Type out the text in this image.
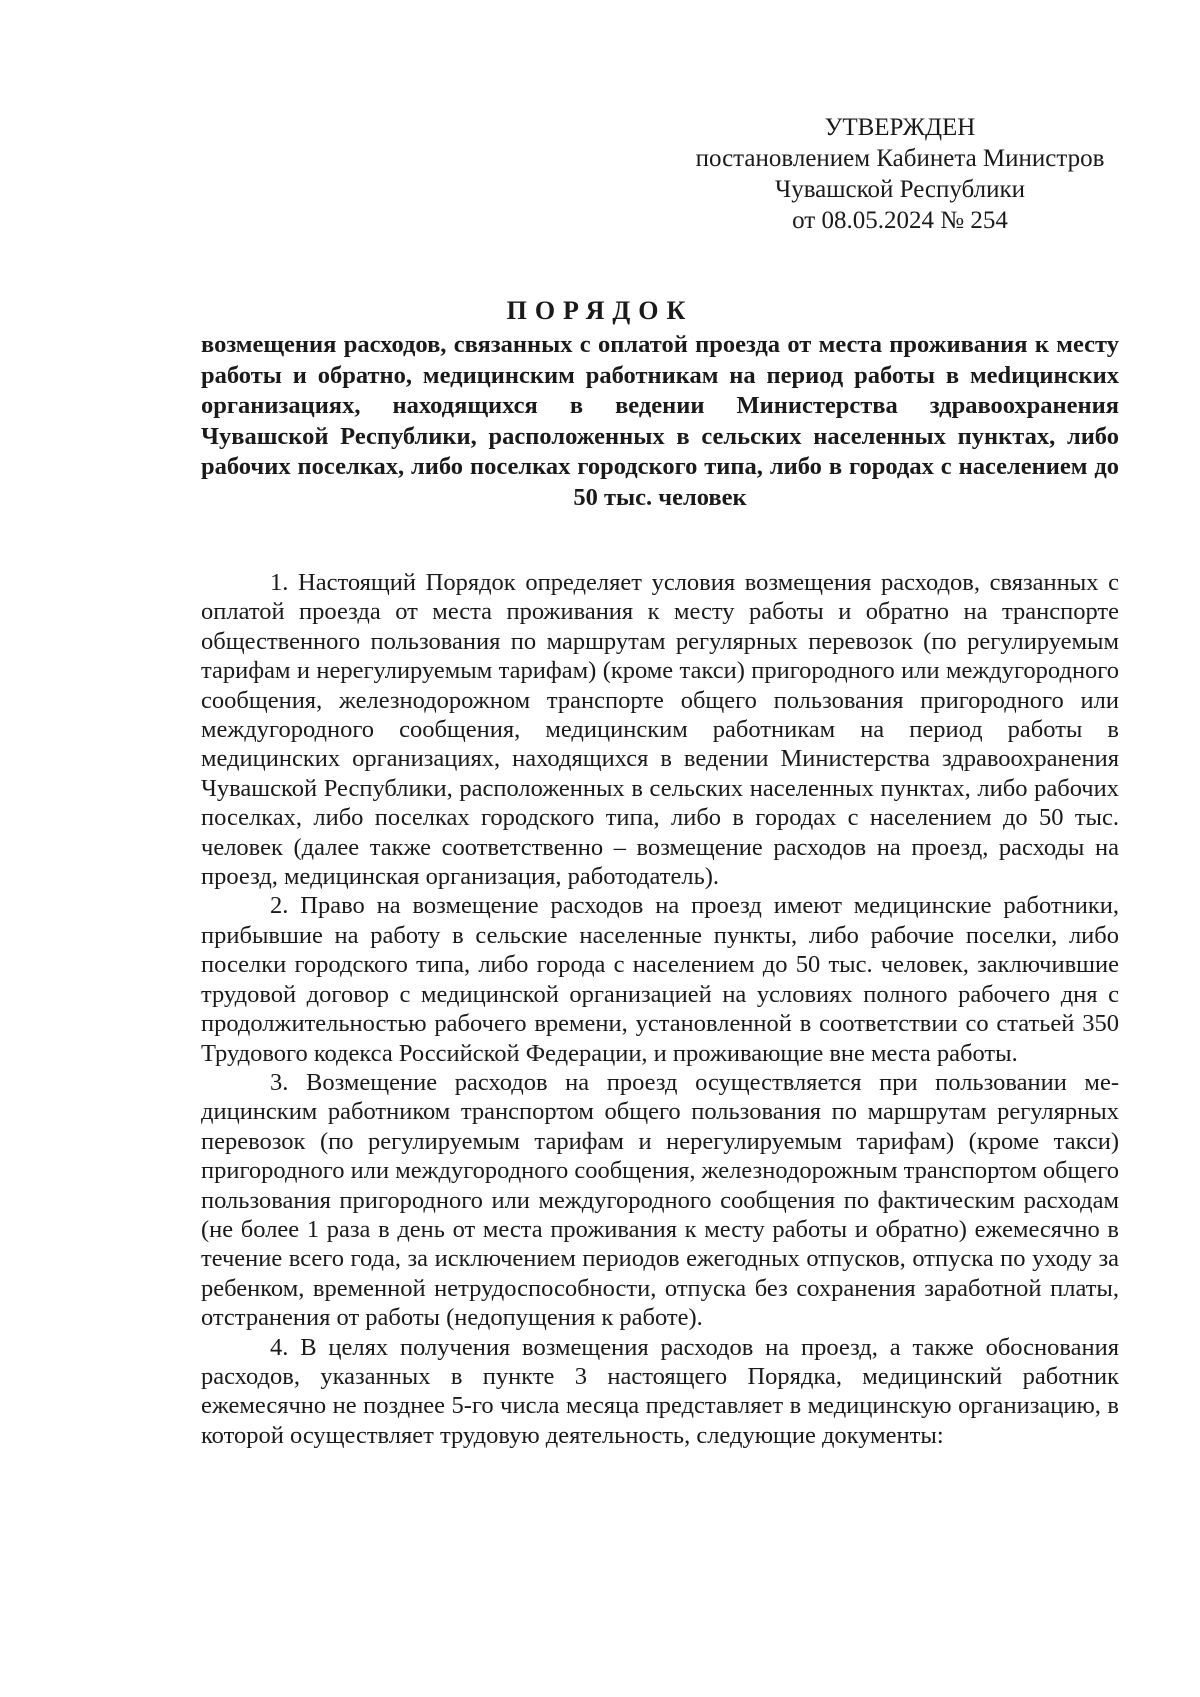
УТВЕРЖДЕН
постановлением Кабинета Министров
Чувашской Республики
от 08.05.2024 № 254
ПОРЯДОК
возмещения расходов, связанных с оплатой проезда от места проживания к месту работы и обратно, медицинским работникам на период работы в меdицинских организациях, находящихся в ведении Министерства здравоохранения Чувашской Республики, расположенных в сельских населенных пунктах, либо рабочих поселках, либо поселках городского типа, либо в городах с населением до 50 тыс. человек

1. Настоящий Порядок определяет условия возмещения расходов, связанных с оплатой проезда от места проживания к месту работы и обратно на транспорте общественного пользования по маршрутам регулярных перевозок (по регулируемым тарифам и нерегулируемым тарифам) (кроме такси) пригородного или междугородного сообщения, железнодорожном транспорте общего пользования пригородного или междугородного сообщения, медицинским работникам на период работы в медицинских организациях, находящихся в ведении Министерства здравоохранения Чувашской Республики, расположенных в сельских населенных пунктах, либо рабочих поселках, либо поселках городского типа, либо в городах с населением до 50 тыс. человек (далее также соответственно – возмещение расходов на проезд, расходы на проезд, медицинская организация, работодатель).

2. Право на возмещение расходов на проезд имеют медицинские работники, прибывшие на работу в сельские населенные пункты, либо рабочие поселки, либо поселки городского типа, либо города с населением до 50 тыс. человек, заключившие трудовой договор с медицинской организацией на условиях полного рабочего дня с продолжительностью рабочего времени, установленной в соответствии со статьей 350 Трудового кодекса Российской Федерации, и проживающие вне места работы.

3. Возмещение расходов на проезд осуществляется при пользовании медицинским работником транспортом общего пользования по маршрутам регулярных перевозок (по регулируемым тарифам и нерегулируемым тарифам) (кроме такси) пригородного или междугородного сообщения, железнодорожным транспортом общего пользования пригородного или междугородного сообщения по фактическим расходам (не более 1 раза в день от места проживания к месту работы и обратно) ежемесячно в течение всего года, за исключением периодов ежегодных отпусков, отпуска по уходу за ребенком, временной нетрудоспособности, отпуска без сохранения заработной платы, отстранения от работы (недопущения к работе).

4. В целях получения возмещения расходов на проезд, а также обоснования расходов, указанных в пункте 3 настоящего Порядка, медицинский работник ежемесячно не позднее 5-го числа месяца представляет в медицинскую организацию, в которой осуществляет трудовую деятельность, следующие документы:
